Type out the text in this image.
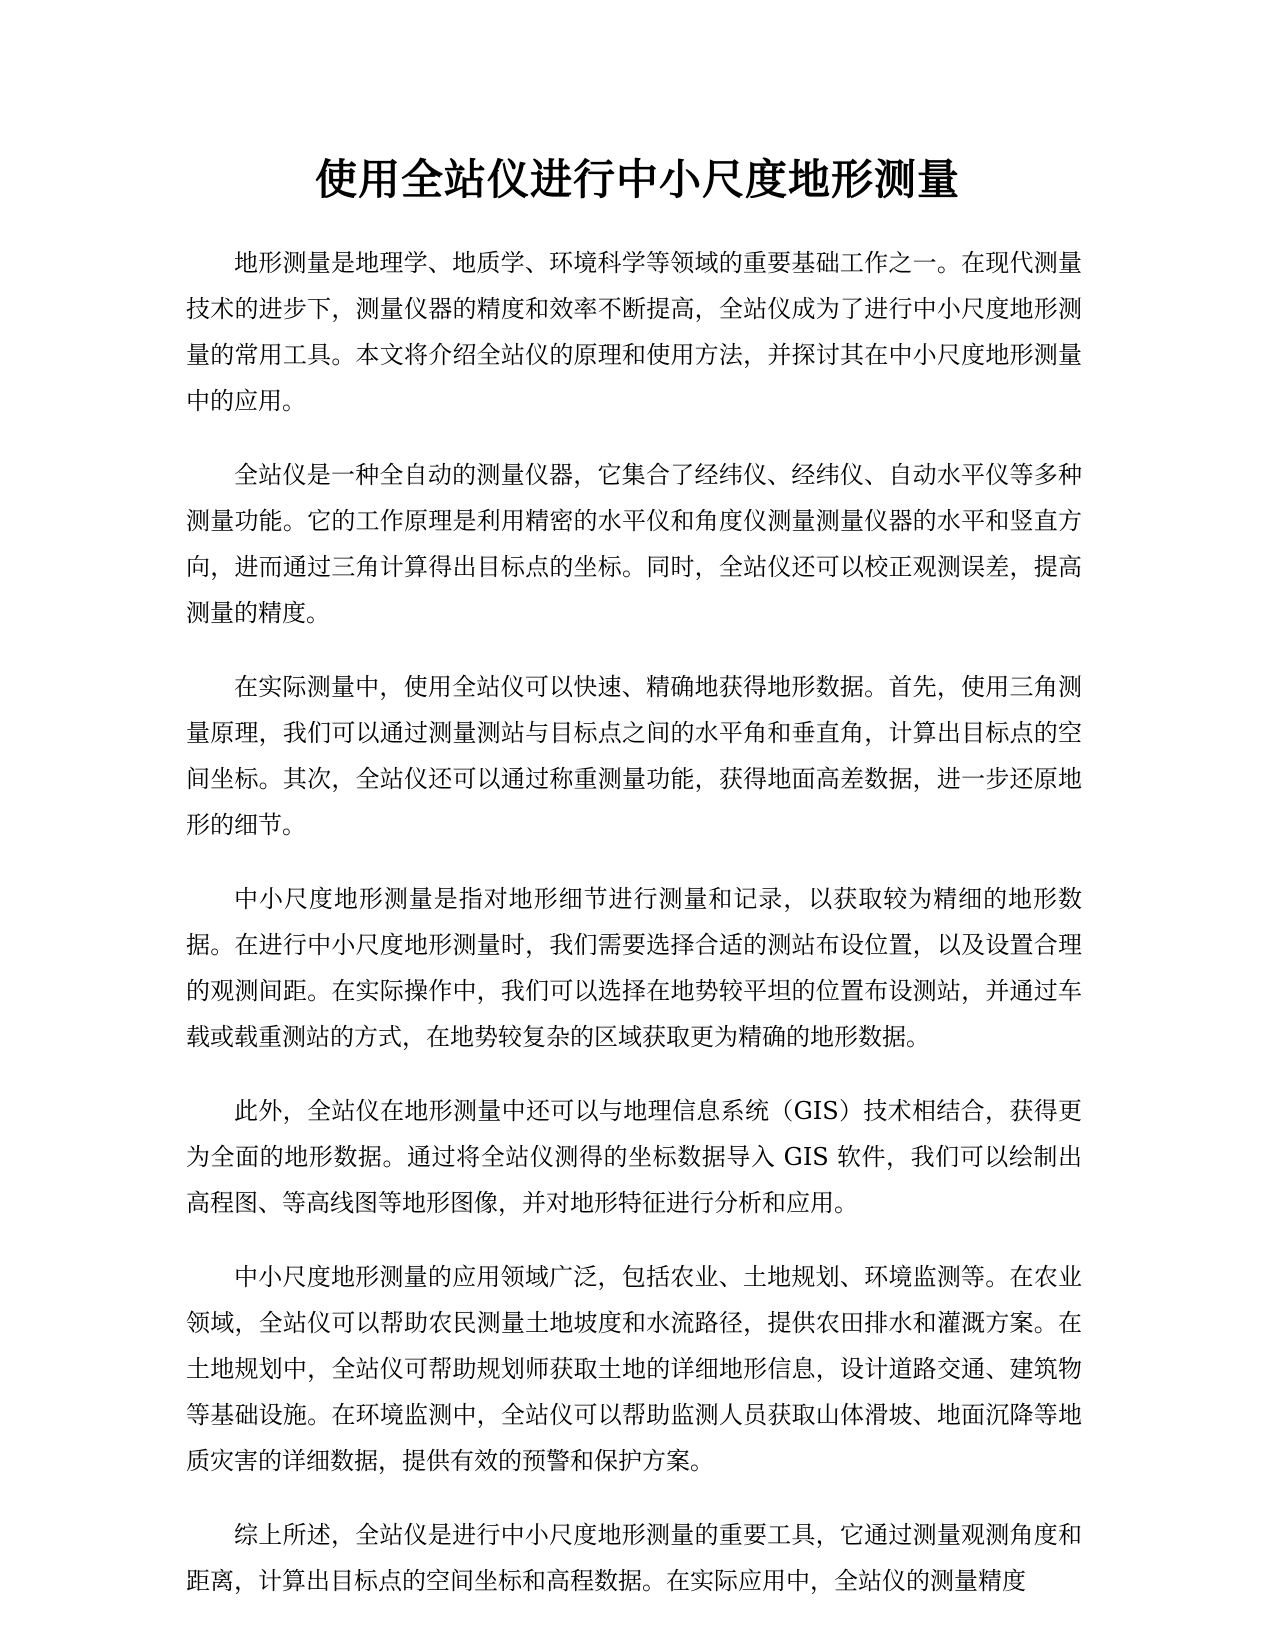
使用全站仪进行中小尺度地形测量

地形测量是地理学、地质学、环境科学等领域的重要基础工作之一。在现代测量技术的进步下，测量仪器的精度和效率不断提高，全站仪成为了进行中小尺度地形测量的常用工具。本文将介绍全站仪的原理和使用方法，并探讨其在中小尺度地形测量中的应用。

全站仪是一种全自动的测量仪器，它集合了经纬仪、经纬仪、自动水平仪等多种测量功能。它的工作原理是利用精密的水平仪和角度仪测量测量仪器的水平和竖直方向，进而通过三角计算得出目标点的坐标。同时，全站仪还可以校正观测误差，提高测量的精度。

在实际测量中，使用全站仪可以快速、精确地获得地形数据。首先，使用三角测量原理，我们可以通过测量测站与目标点之间的水平角和垂直角，计算出目标点的空间坐标。其次，全站仪还可以通过称重测量功能，获得地面高差数据，进一步还原地形的细节。

中小尺度地形测量是指对地形细节进行测量和记录，以获取较为精细的地形数据。在进行中小尺度地形测量时，我们需要选择合适的测站布设位置，以及设置合理的观测间距。在实际操作中，我们可以选择在地势较平坦的位置布设测站，并通过车载或载重测站的方式，在地势较复杂的区域获取更为精确的地形数据。

此外，全站仪在地形测量中还可以与地理信息系统（GIS）技术相结合，获得更为全面的地形数据。通过将全站仪测得的坐标数据导入 GIS 软件，我们可以绘制出高程图、等高线图等地形图像，并对地形特征进行分析和应用。

中小尺度地形测量的应用领域广泛，包括农业、土地规划、环境监测等。在农业领域，全站仪可以帮助农民测量土地坡度和水流路径，提供农田排水和灌溉方案。在土地规划中，全站仪可帮助规划师获取土地的详细地形信息，设计道路交通、建筑物等基础设施。在环境监测中，全站仪可以帮助监测人员获取山体滑坡、地面沉降等地质灾害的详细数据，提供有效的预警和保护方案。

综上所述，全站仪是进行中小尺度地形测量的重要工具，它通过测量观测角度和距离，计算出目标点的空间坐标和高程数据。在实际应用中，全站仪的测量精度
